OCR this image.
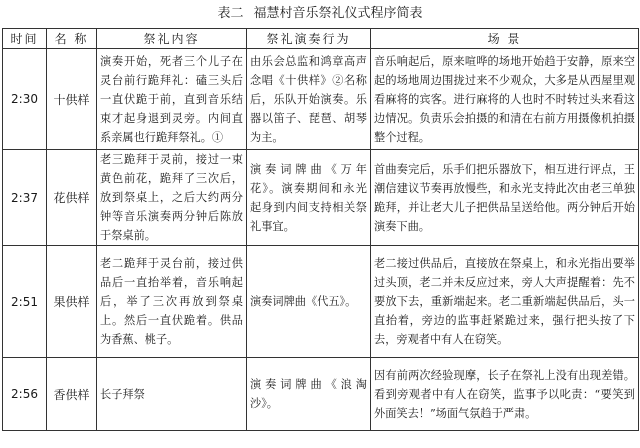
表二 福慧村音乐祭礼仪式程序简表
时间	名 称	祭礼内容	祭礼演奏行为	场 景
2:30	十供样	演奏开始，死者三个儿子在灵台前行跪拜礼：磕三头后一直伏跪于前，直到音乐结束才起身退到灵旁。内间直系亲属也行跪拜祭礼。①	由乐会总监和鸿章高声念唱《十供样》②名称后，乐队开始演奏。乐器以笛子、琵琶、胡琴为主。	音乐响起后，原来喧哗的场地开始趋于安静，原来空起的场地周边围拢过来不少观众，大多是从西屋里观看麻将的宾客。进行麻将的人也时不时转过头来看这边情况。负责乐会拍摄的和清在右前方用摄像机拍摄整个过程。

2:37	花供样	老三跪拜于灵前，接过一束黄色前花，跪拜了三次后，放到祭桌上，之后大约两分钟等音乐演奏两分钟后陈放于祭桌前。	演奏词牌曲《万年花》。演奏期间和永光起身到内间支持相关祭礼事宜。	首曲奏完后，乐手们把乐器放下，相互进行评点，王潮信建议节奏再放慢些，和永光支持此次由老三单独跪拜，并让老大儿子把供品呈送给他。两分钟后开始演奏下曲。

2:51	果供样	老二跪拜于灵台前，接过供品后一直抬举着，音乐响起后，举了三次再放到祭桌上。然后一直伏跪着。供品为香蕉、桃子。	演奏词牌曲《代五》。	老二接过供品后，直接放在祭桌上，和永光指出要举过头顶，老二并未反应过来，旁人大声提醒着：先不要放下去，重新端起来。老二重新端起供品后，头一直抬着，旁边的监事赶紧跪过来，强行把头按了下去，旁观者中有人在窃笑。

2:56	香供样	长子拜祭	演奏词牌曲《浪淘沙》。	因有前两次经验现摩，长子在祭礼上没有出现差错。看到旁观者中有人在窃笑，监事予以叱责：“要笑到外面笑去！”场面气氛趋于严肃。
